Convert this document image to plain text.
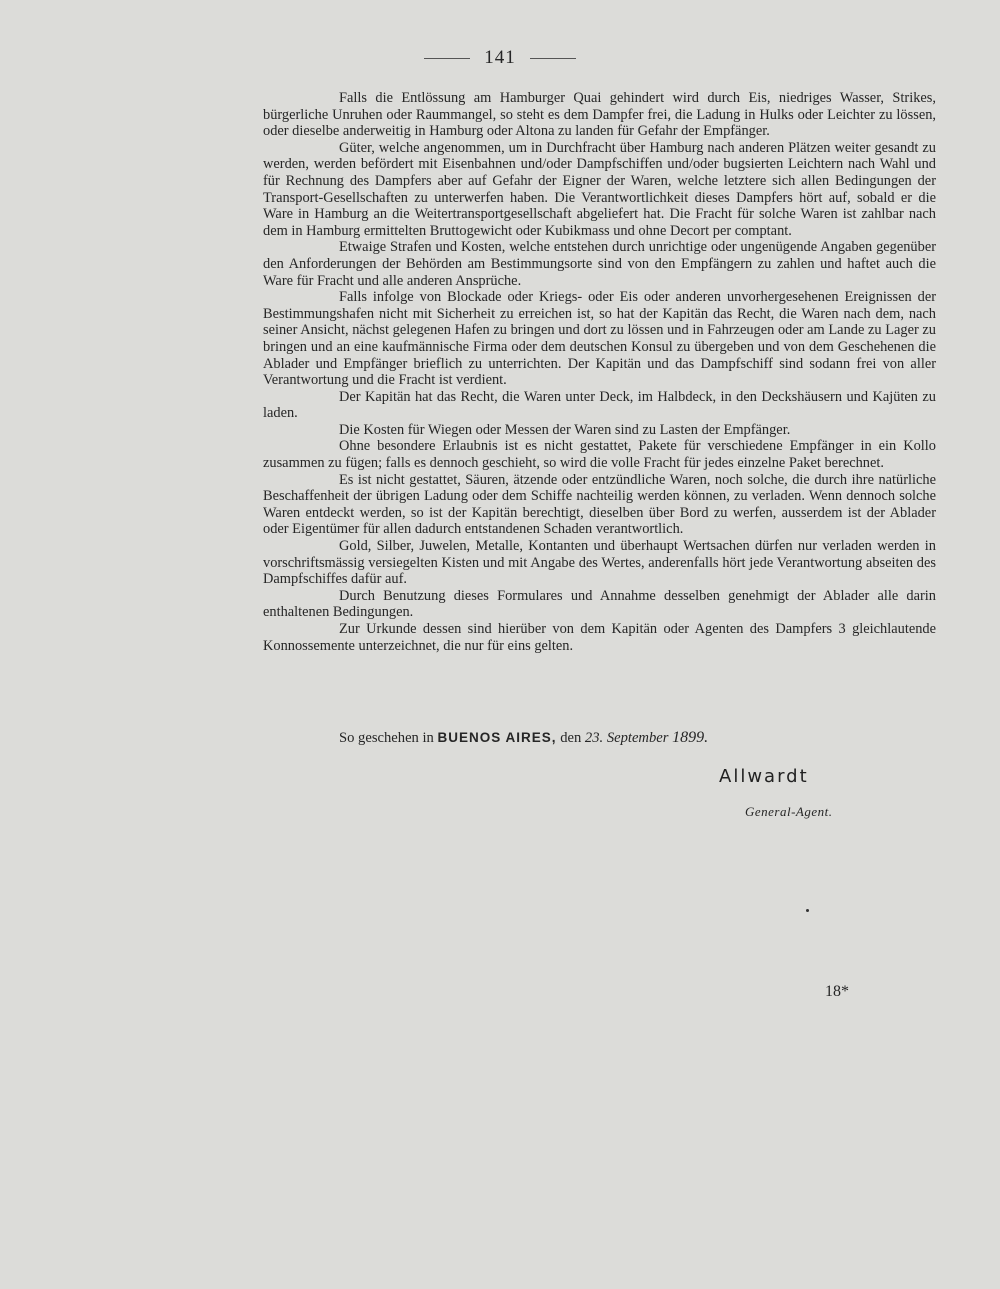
141

Falls die Entlössung am Hamburger Quai gehindert wird durch Eis, niedriges Wasser, Strikes, bürgerliche Unruhen oder Raummangel, so steht es dem Dampfer frei, die Ladung in Hulks oder Leichter zu lössen, oder dieselbe anderweitig in Hamburg oder Altona zu landen für Gefahr der Empfänger.

Güter, welche angenommen, um in Durchfracht über Hamburg nach anderen Plätzen weiter gesandt zu werden, werden befördert mit Eisenbahnen und/oder Dampfschiffen und/oder bugsierten Leichtern nach Wahl und für Rechnung des Dampfers aber auf Gefahr der Eigner der Waren, welche letztere sich allen Bedingungen der Transport-Gesellschaften zu unterwerfen haben. Die Verantwortlichkeit dieses Dampfers hört auf, sobald er die Ware in Hamburg an die Weitertransportgesellschaft abgeliefert hat. Die Fracht für solche Waren ist zahlbar nach dem in Hamburg ermittelten Bruttogewicht oder Kubikmass und ohne Decort per comptant.

Etwaige Strafen und Kosten, welche entstehen durch unrichtige oder ungenügende Angaben gegenüber den Anforderungen der Behörden am Bestimmungsorte sind von den Empfängern zu zahlen und haftet auch die Ware für Fracht und alle anderen Ansprüche.

Falls infolge von Blockade oder Kriegs- oder Eis oder anderen unvorhergesehenen Ereignissen der Bestimmungshafen nicht mit Sicherheit zu erreichen ist, so hat der Kapitän das Recht, die Waren nach dem, nach seiner Ansicht, nächst gelegenen Hafen zu bringen und dort zu lössen und in Fahrzeugen oder am Lande zu Lager zu bringen und an eine kaufmännische Firma oder dem deutschen Konsul zu übergeben und von dem Geschehenen die Ablader und Empfänger brieflich zu unterrichten. Der Kapitän und das Dampfschiff sind sodann frei von aller Verantwortung und die Fracht ist verdient.

Der Kapitän hat das Recht, die Waren unter Deck, im Halbdeck, in den Deckshäusern und Kajüten zu laden.

Die Kosten für Wiegen oder Messen der Waren sind zu Lasten der Empfänger.

Ohne besondere Erlaubnis ist es nicht gestattet, Pakete für verschiedene Empfänger in ein Kollo zusammen zu fügen; falls es dennoch geschieht, so wird die volle Fracht für jedes einzelne Paket berechnet.

Es ist nicht gestattet, Säuren, ätzende oder entzündliche Waren, noch solche, die durch ihre natürliche Beschaffenheit der übrigen Ladung oder dem Schiffe nachteilig werden können, zu verladen. Wenn dennoch solche Waren entdeckt werden, so ist der Kapitän berechtigt, dieselben über Bord zu werfen, ausserdem ist der Ablader oder Eigentümer für allen dadurch entstandenen Schaden verantwortlich.

Gold, Silber, Juwelen, Metalle, Kontanten und überhaupt Wertsachen dürfen nur verladen werden in vorschriftsmässig versiegelten Kisten und mit Angabe des Wertes, anderenfalls hört jede Verantwortung abseiten des Dampfschiffes dafür auf.

Durch Benutzung dieses Formulares und Annahme desselben genehmigt der Ablader alle darin enthaltenen Bedingungen.

Zur Urkunde dessen sind hierüber von dem Kapitän oder Agenten des Dampfers 3 gleichlautende Konnossemente unterzeichnet, die nur für eins gelten.

So geschehen in BUENOS AIRES, den 23. September 1899.
Allwardt
General-Agent.
18*
